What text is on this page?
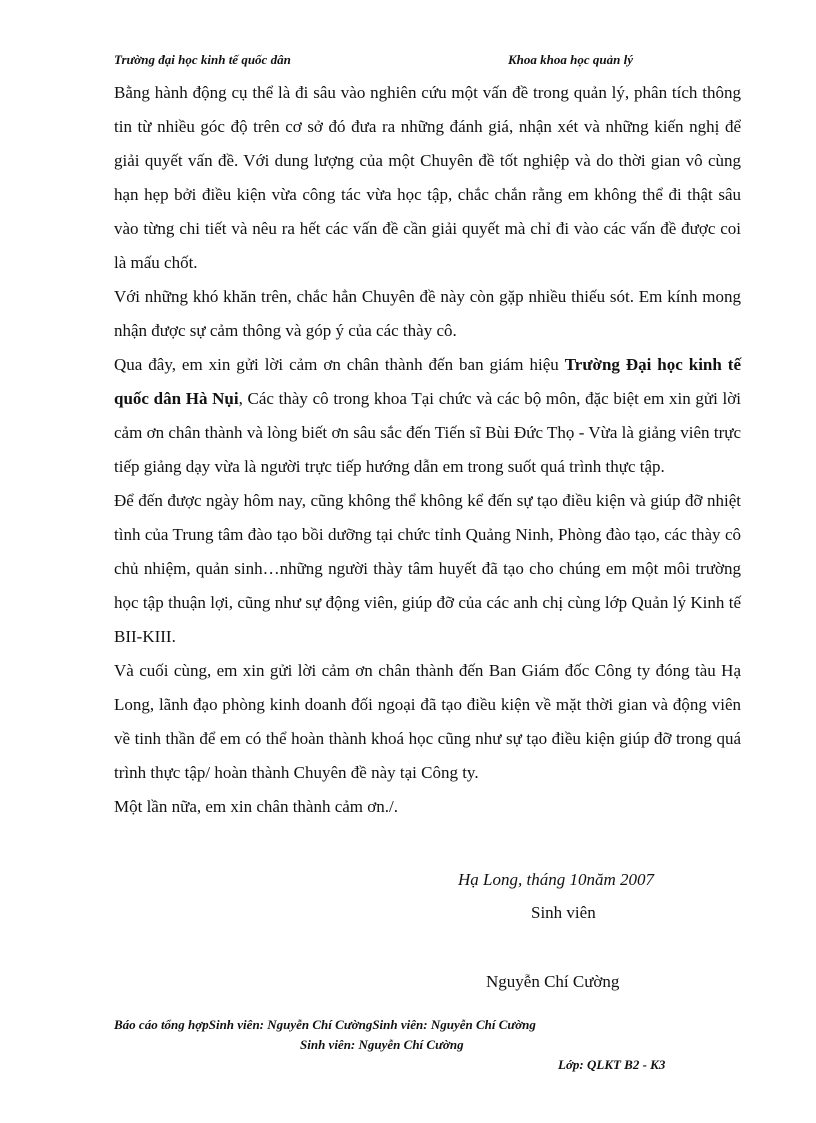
Trường đại học kinh tế quốc dân	Khoa khoa học quản lý

Bằng hành động cụ thể là đi sâu vào nghiên cứu một vấn đề trong quản lý, phân tích thông tin từ nhiều góc độ trên cơ sở đó đưa ra những đánh giá, nhận xét và những kiến nghị để giải quyết vấn đề. Với dung lượng của một Chuyên đề tốt nghiệp và do thời gian vô cùng hạn hẹp bởi điều kiện vừa công tác vừa học tập, chắc chắn rằng em không thể đi thật sâu vào từng chi tiết và nêu ra hết các vấn đề cần giải quyết mà chỉ đi vào các vấn đề được coi là mấu chốt.

Với những khó khăn trên, chắc hẳn Chuyên đề này còn gặp nhiều thiếu sót. Em kính mong nhận được sự cảm thông và góp ý của các thày cô.

Qua đây, em xin gửi lời cảm ơn chân thành đến ban giám hiệu Trường Đại học kinh tế quốc dân Hà Nụi, Các thày cô trong khoa Tại chức và các bộ môn, đặc biệt em xin gửi lời cảm ơn chân thành và lòng biết ơn sâu sắc đến Tiến sĩ Bùi Đức Thọ - Vừa là giảng viên trực tiếp giảng dạy vừa là người trực tiếp hướng dẫn em trong suốt quá trình thực tập.

Để đến được ngày hôm nay, cũng không thể không kể đến sự tạo điều kiện và giúp đỡ nhiệt tình của Trung tâm đào tạo bồi dưỡng tại chức tỉnh Quảng Ninh, Phòng đào tạo, các thày cô chủ nhiệm, quản sinh…những người thày tâm huyết đã tạo cho chúng em một môi trường học tập thuận lợi, cũng như sự động viên, giúp đỡ của các anh chị cùng lớp Quản lý Kinh tế BII-KIII.

Và cuối cùng, em xin gửi lời cảm ơn chân thành đến Ban Giám đốc Công ty đóng tàu Hạ Long, lãnh đạo phòng kinh doanh đối ngoại đã tạo điều kiện về mặt thời gian và động viên về tinh thần để em có thể hoàn thành khoá học cũng như sự tạo điều kiện giúp đỡ trong quá trình thực tập/ hoàn thành Chuyên đề này tại Công ty.

Một lần nữa, em xin chân thành cảm ơn./.

Hạ Long, tháng 10năm 2007
Sinh viên
Nguyễn Chí Cường
Báo cáo tổng hợpSinh viên: Nguyễn Chí CườngSinh viên: Nguyễn Chí Cường
Sinh viên: Nguyễn Chí Cường
Lớp: QLKT B2 - K3
